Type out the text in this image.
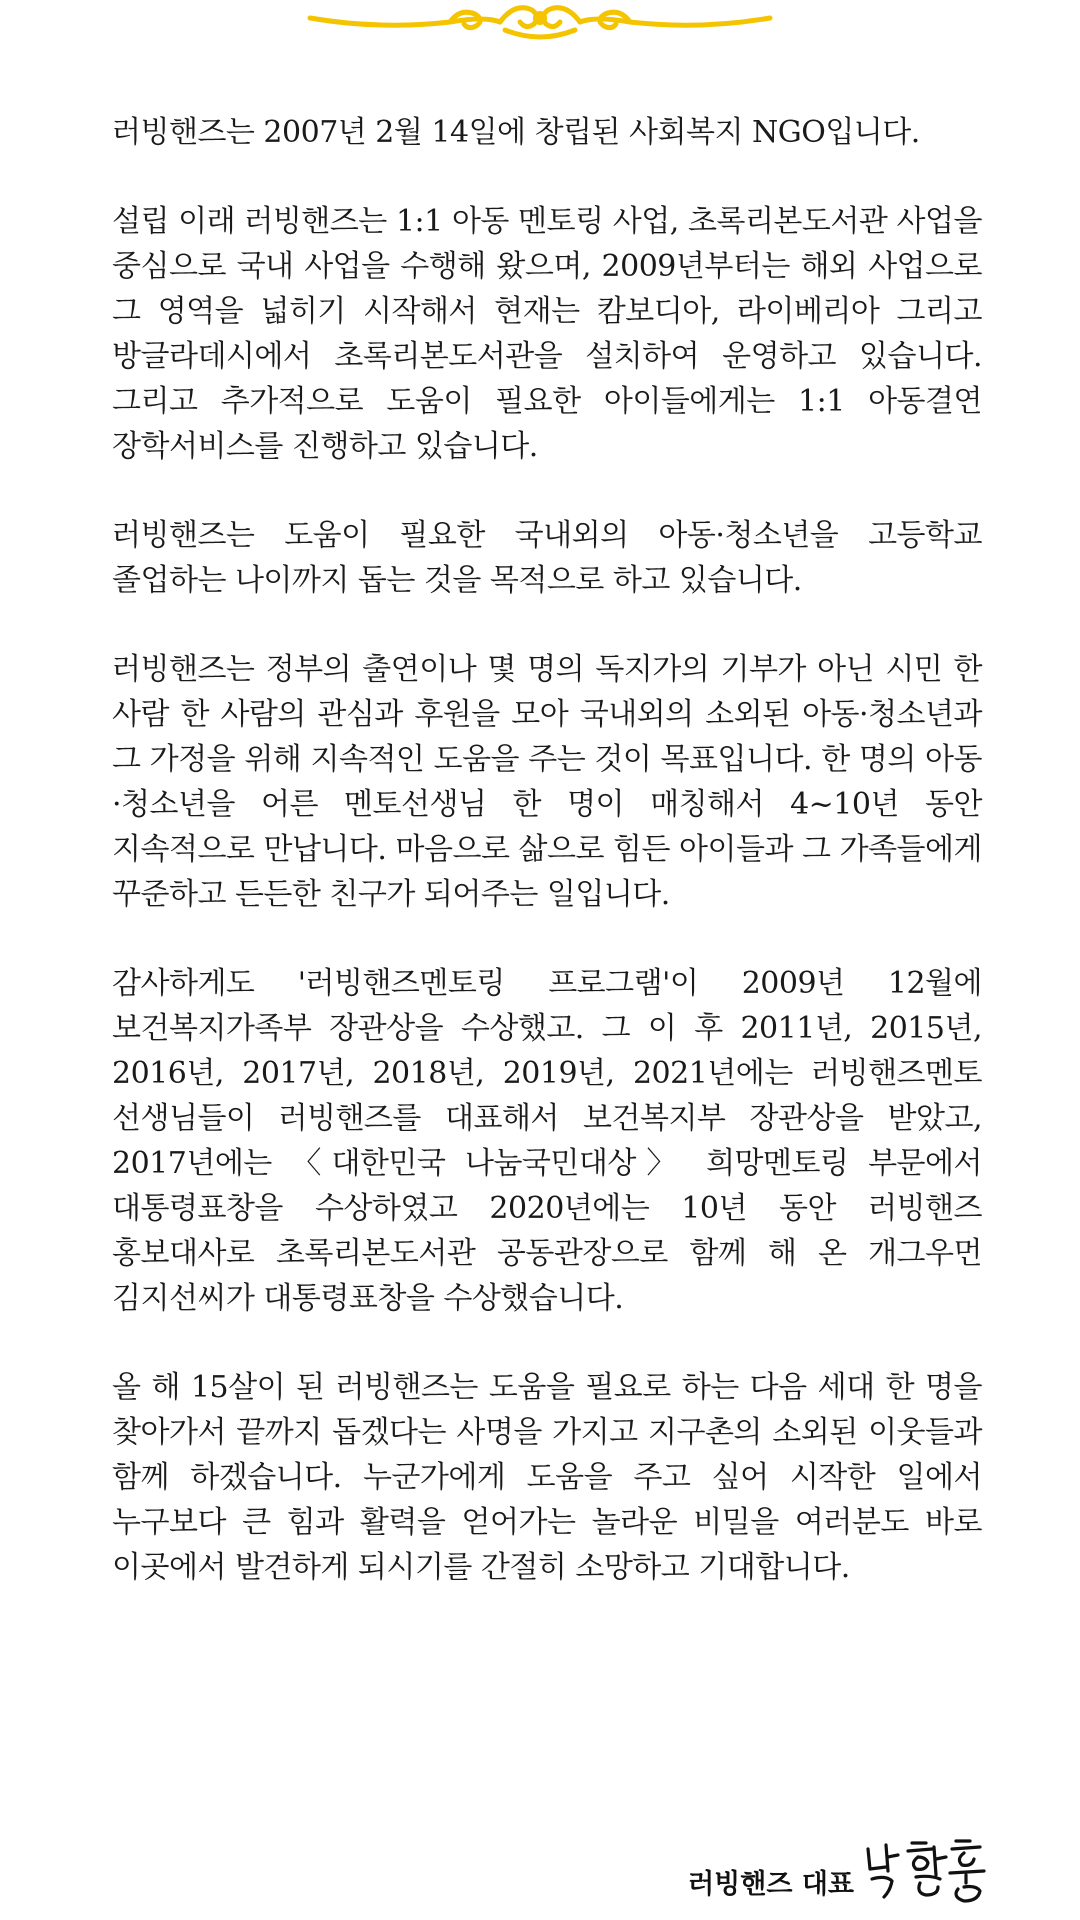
러빙핸즈는 2007년 2월 14일에 창립된 사회복지 NGO입니다.

설립 이래 러빙핸즈는 1:1 아동 멘토링 사업, 초록리본도서관 사업을 중심으로 국내 사업을 수행해 왔으며, 2009년부터는 해외 사업으로 그 영역을 넓히기 시작해서 현재는 캄보디아, 라이베리아 그리고 방글라데시에서 초록리본도서관을 설치하여 운영하고 있습니다. 그리고 추가적으로 도움이 필요한 아이들에게는 1:1 아동결연 장학서비스를 진행하고 있습니다.

러빙핸즈는 도움이 필요한 국내외의 아동·청소년을 고등학교 졸업하는 나이까지 돕는 것을 목적으로 하고 있습니다.

러빙핸즈는 정부의 출연이나 몇 명의 독지가의 기부가 아닌 시민 한 사람 한 사람의 관심과 후원을 모아 국내외의 소외된 아동·청소년과 그 가정을 위해 지속적인 도움을 주는 것이 목표입니다. 한 명의 아동·청소년을 어른 멘토선생님 한 명이 매칭해서 4~10년 동안 지속적으로 만납니다. 마음으로 삶으로 힘든 아이들과 그 가족들에게 꾸준하고 든든한 친구가 되어주는 일입니다.

감사하게도 '러빙핸즈멘토링 프로그램'이 2009년 12월에 보건복지가족부 장관상을 수상했고. 그 이 후 2011년, 2015년, 2016년, 2017년, 2018년, 2019년, 2021년에는 러빙핸즈멘토 선생님들이 러빙핸즈를 대표해서 보건복지부 장관상을 받았고, 2017년에는 〈대한민국 나눔국민대상〉 희망멘토링 부문에서 대통령표창을 수상하였고 2020년에는 10년 동안 러빙핸즈 홍보대사로 초록리본도서관 공동관장으로 함께 해 온 개그우먼 김지선씨가 대통령표창을 수상했습니다.

올 해 15살이 된 러빙핸즈는 도움을 필요로 하는 다음 세대 한 명을 찾아가서 끝까지 돕겠다는 사명을 가지고 지구촌의 소외된 이웃들과 함께 하겠습니다. 누군가에게 도움을 주고 싶어 시작한 일에서 누구보다 큰 힘과 활력을 얻어가는 놀라운 비밀을 여러분도 바로 이곳에서 발견하게 되시기를 간절히 소망하고 기대합니다.

러빙핸즈 대표
